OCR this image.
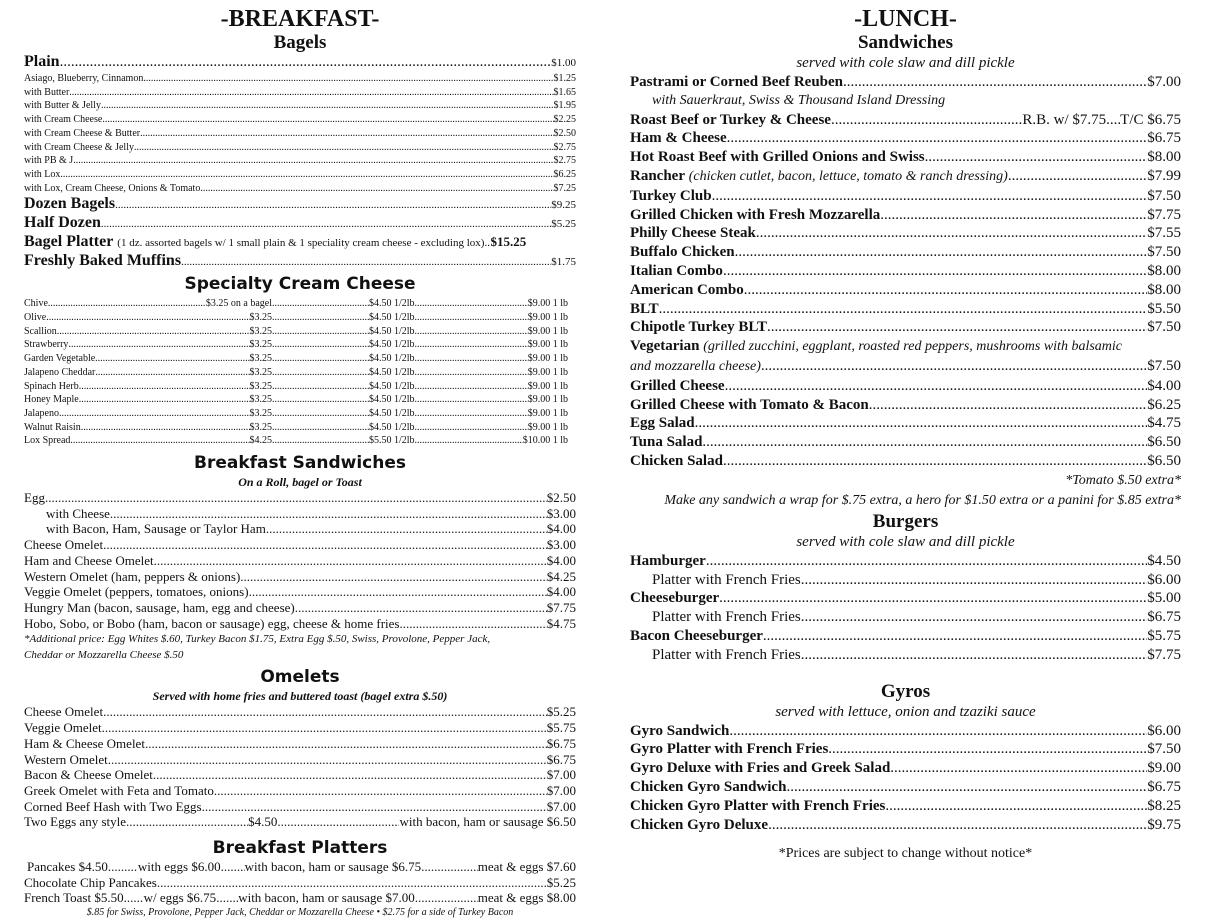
-BREAKFAST-
Bagels
Plain .....	$1.00
Asiago, Blueberry, Cinnamon .....	$1.25
with Butter .....	$1.65
with Butter & Jelly .....	$1.95
with Cream Cheese .....	$2.25
with Cream Cheese & Butter .....	$2.50
with Cream Cheese & Jelly .....	$2.75
with PB & J .....	$2.75
with Lox .....	$6.25
with Lox, Cream Cheese, Onions & Tomato .....	$7.25
Dozen Bagels .....	$9.25
Half Dozen .....	$5.25
Bagel Platter (1 dz. assorted bagels w/ 1 small plain & 1 speciality cream cheese - excluding lox) ..... $15.25
Freshly Baked Muffins .....	$1.75
Specialty Cream Cheese
Chive .....	$3.25 on a bagel .....	$4.50 1/2lb. .....	$9.00 1 lb
Olive .....	$3.25 .....	$4.50 1/2lb. .....	$9.00 1 lb
Scallion .....	$3.25 .....	$4.50 1/2lb. .....	$9.00 1 lb
Strawberry .....	$3.25 .....	$4.50 1/2lb. .....	$9.00 1 lb
Garden Vegetable .....	$3.25 .....	$4.50 1/2lb. .....	$9.00 1 lb
Jalapeno Cheddar .....	$3.25 .....	$4.50 1/2lb. .....	$9.00 1 lb
Spinach Herb .....	$3.25 .....	$4.50 1/2lb. .....	$9.00 1 lb
Honey Maple .....	$3.25 .....	$4.50 1/2lb. .....	$9.00 1 lb
Jalapeno .....	$3.25 .....	$4.50 1/2lb. .....	$9.00 1 lb
Walnut Raisin .....	$3.25 .....	$4.50 1/2lb. .....	$9.00 1 lb
Lox Spread .....	$4.25 .....	$5.50 1/2lb. .....	$10.00 1 lb
Breakfast Sandwiches
On a Roll, bagel or Toast
Egg .....	$2.50
with Cheese .....	$3.00
with Bacon, Ham, Sausage or Taylor Ham .....	$4.00
Cheese Omelet .....	$3.00
Ham and Cheese Omelet .....	$4.00
Western Omelet (ham, peppers & onions) .....	$4.25
Veggie Omelet (peppers, tomatoes, onions) .....	$4.00
Hungry Man (bacon, sausage, ham, egg and cheese) .....	$7.75
Hobo, Sobo, or Bobo (ham, bacon or sausage) egg, cheese & home fries .....	$4.75
*Additional price: Egg Whites $.60, Turkey Bacon $1.75, Extra Egg $.50, Swiss, Provolone, Pepper Jack,
Cheddar or Mozzarella Cheese $.50
Omelets
Served with home fries and buttered toast (bagel extra $.50)
Cheese Omelet .....	$5.25
Veggie Omelet .....	$5.75
Ham & Cheese Omelet .....	$6.75
Western Omelet .....	$6.75
Bacon & Cheese Omelet .....	$7.00
Greek Omelet with Feta and Tomato .....	$7.00
Corned Beef Hash with Two Eggs .....	$7.00
Two Eggs any style .....	$4.50 .....	with bacon, ham or sausage $6.50
Breakfast Platters
Pancakes $4.50 ..... with eggs $6.00 ..... with bacon, ham or sausage $6.75 .....	meat & eggs $7.60
Chocolate Chip Pancakes .....	$5.25
French Toast $5.50 ..... w/ eggs $6.75 ..... with bacon, ham or sausage $7.00 .....	meat & eggs $8.00
$.85 for Swiss, Provolone, Pepper Jack, Cheddar or Mozzarella Cheese • $2.75 for a side of Turkey Bacon
-LUNCH-
Sandwiches
served with cole slaw and dill pickle
Pastrami or Corned Beef Reuben .....	$7.00
with Sauerkraut, Swiss & Thousand Island Dressing
Roast Beef or Turkey & Cheese .....	R.B. w/ $7.75 ..... T/C $6.75
Ham & Cheese .....	$6.75
Hot Roast Beef with Grilled Onions and Swiss .....	$8.00
Rancher
(chicken cutlet, bacon, lettuce, tomato & ranch dressing) .....	$7.99
Turkey Club .....	$7.50
Grilled Chicken with Fresh Mozzarella .....	$7.75
Philly Cheese Steak .....	$7.55
Buffalo Chicken .....	$7.50
Italian Combo .....	$8.00
American Combo .....	$8.00
BLT .....	$5.50
Chipotle Turkey BLT .....	$7.50
Vegetarian
(grilled zucchini, eggplant, roasted red peppers, mushrooms with balsamic
and mozzarella cheese) .....	$7.50
Grilled Cheese .....	$4.00
Grilled Cheese with Tomato & Bacon .....	$6.25
Egg Salad .....	$4.75
Tuna Salad .....	$6.50
Chicken Salad .....	$6.50
*Tomato $.50 extra*
Make any sandwich a wrap for $.75 extra, a hero for $1.50 extra or a panini for $.85 extra*
Burgers
served with cole slaw and dill pickle
Hamburger .....	$4.50
Platter with French Fries .....	$6.00
Cheeseburger .....	$5.00
Platter with French Fries .....	$6.75
Bacon Cheeseburger .....	$5.75
Platter with French Fries .....	$7.75
Gyros
served with lettuce, onion and tzaziki sauce
Gyro Sandwich .....	$6.00
Gyro Platter with French Fries .....	$7.50
Gyro Deluxe with Fries and Greek Salad .....	$9.00
Chicken Gyro Sandwich .....	$6.75
Chicken Gyro Platter with French Fries .....	$8.25
Chicken Gyro Deluxe .....	$9.75
*Prices are subject to change without notice*
